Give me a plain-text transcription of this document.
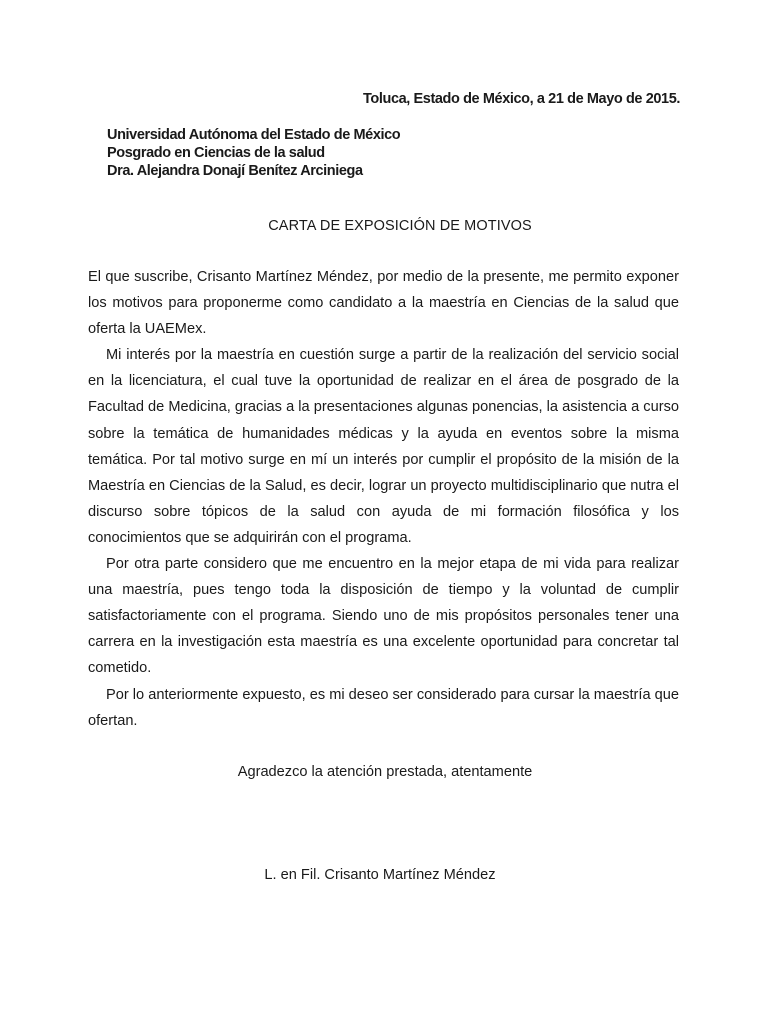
Toluca, Estado de México, a 21 de Mayo de 2015.
Universidad Autónoma del Estado de México
Posgrado en Ciencias de la salud
Dra. Alejandra Donají Benítez Arciniega
CARTA DE EXPOSICIÓN DE MOTIVOS

El que suscribe, Crisanto Martínez Méndez, por medio de la presente, me permito exponer los motivos para proponerme como candidato a la maestría en Ciencias de la salud que oferta la UAEMex.

Mi interés por la maestría en cuestión surge a partir de la realización del servicio social en la licenciatura, el cual tuve la oportunidad de realizar en el área de posgrado de la Facultad de Medicina, gracias a la presentaciones algunas ponencias, la asistencia a curso sobre la temática de humanidades médicas y la ayuda en eventos sobre la misma temática. Por tal motivo surge en mí un interés por cumplir el propósito de la misión de la Maestría en Ciencias de la Salud, es decir, lograr un proyecto multidisciplinario que nutra el discurso sobre tópicos de la salud con ayuda de mi formación filosófica y los conocimientos que se adquirirán con el programa.

Por otra parte considero que me encuentro en la mejor etapa de mi vida para realizar una maestría, pues tengo toda la disposición de tiempo y la voluntad de cumplir satisfactoriamente con el programa. Siendo uno de mis propósitos personales tener una carrera en la investigación esta maestría es una excelente oportunidad para concretar tal cometido.

Por lo anteriormente expuesto, es mi deseo ser considerado para cursar la maestría que ofertan.

Agradezco la atención prestada, atentamente
L. en Fil. Crisanto Martínez Méndez
